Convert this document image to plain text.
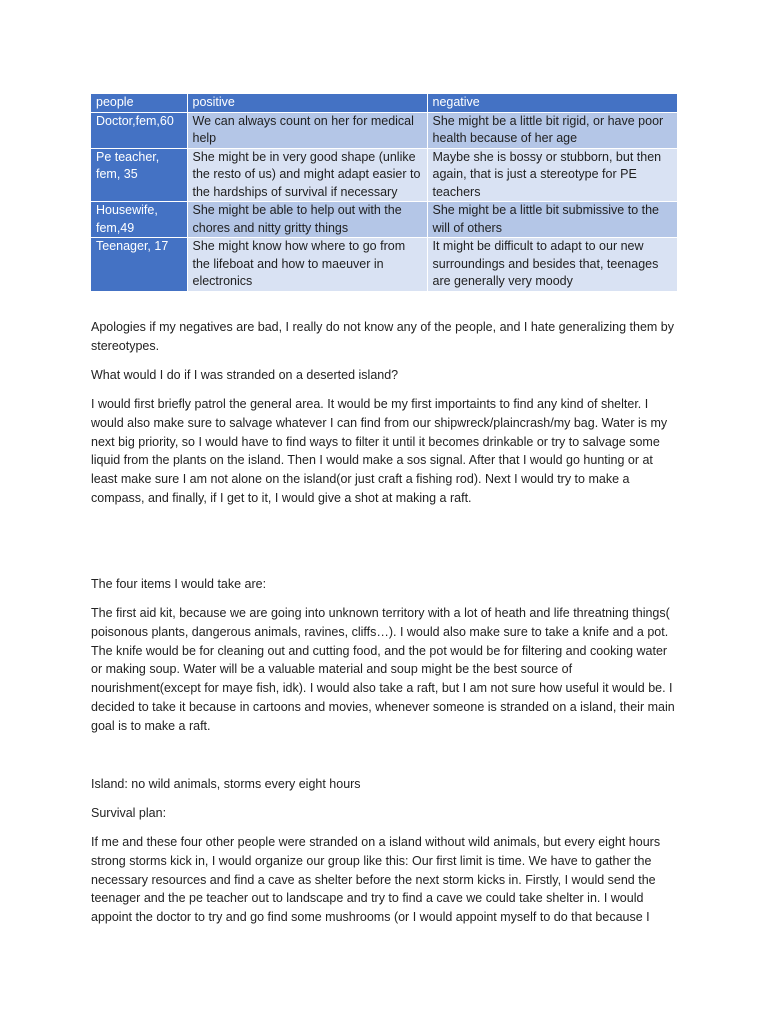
people	positive	negative
Doctor,fem,60	We can always count on her for medical help	She might be a little bit rigid, or have poor health because of her age
Pe teacher, fem, 35	She might be in very good shape (unlike the resto of us) and might adapt easier to the hardships of survival if necessary	Maybe she is bossy or stubborn, but then again, that is just a stereotype for PE teachers
Housewife, fem,49	She might be able to help out with the chores and nitty gritty things	She might be a little bit submissive to the will of others
Teenager, 17	She might know how where to go from the lifeboat and how to maeuver in electronics	It might be difficult to adapt to our new surroundings and besides that, teenages are generally very moody

Apologies if my negatives are bad, I really do not know any of the people, and I hate generalizing them by stereotypes.

What would I do if I was stranded on a deserted island?

I would first briefly patrol the general area. It would be my first importaints to find any kind of shelter. I would also make sure to salvage whatever I can find from our shipwreck/plaincrash/my bag. Water is my next big priority, so I would have to find ways to filter it until it becomes drinkable or try to salvage some liquid from the plants on the island. Then I would make a sos signal. After that I would go hunting or at least make sure I am not alone on the island(or just craft a fishing rod). Next I would try to make a compass, and finally, if I get to it, I would give a shot at making a raft.

The four items I would take are:

The first aid kit, because we are going into unknown territory with a lot of heath and life threatning things( poisonous plants, dangerous animals, ravines, cliffs…). I would also make sure to take a knife and a pot. The knife would be for cleaning out and cutting food, and the pot would be for filtering and cooking water or making soup. Water will be a valuable material and soup might be the best source of nourishment(except for maye fish, idk). I would also take a raft, but I am not sure how useful it would be. I decided to take it because in cartoons and movies, whenever someone is stranded on a island, their main goal is to make a raft.

Island: no wild animals, storms every eight hours

Survival plan:

If me and these four other people were stranded on a island without wild animals, but every eight hours strong storms kick in, I would organize our group like this: Our first limit is time. We have to gather the necessary resources and find a cave as shelter before the next storm kicks in. Firstly, I would send the teenager and the pe teacher out to landscape and try to find a cave we could take shelter in. I would appoint the doctor to try and go find some mushrooms (or I would appoint myself to do that because I
